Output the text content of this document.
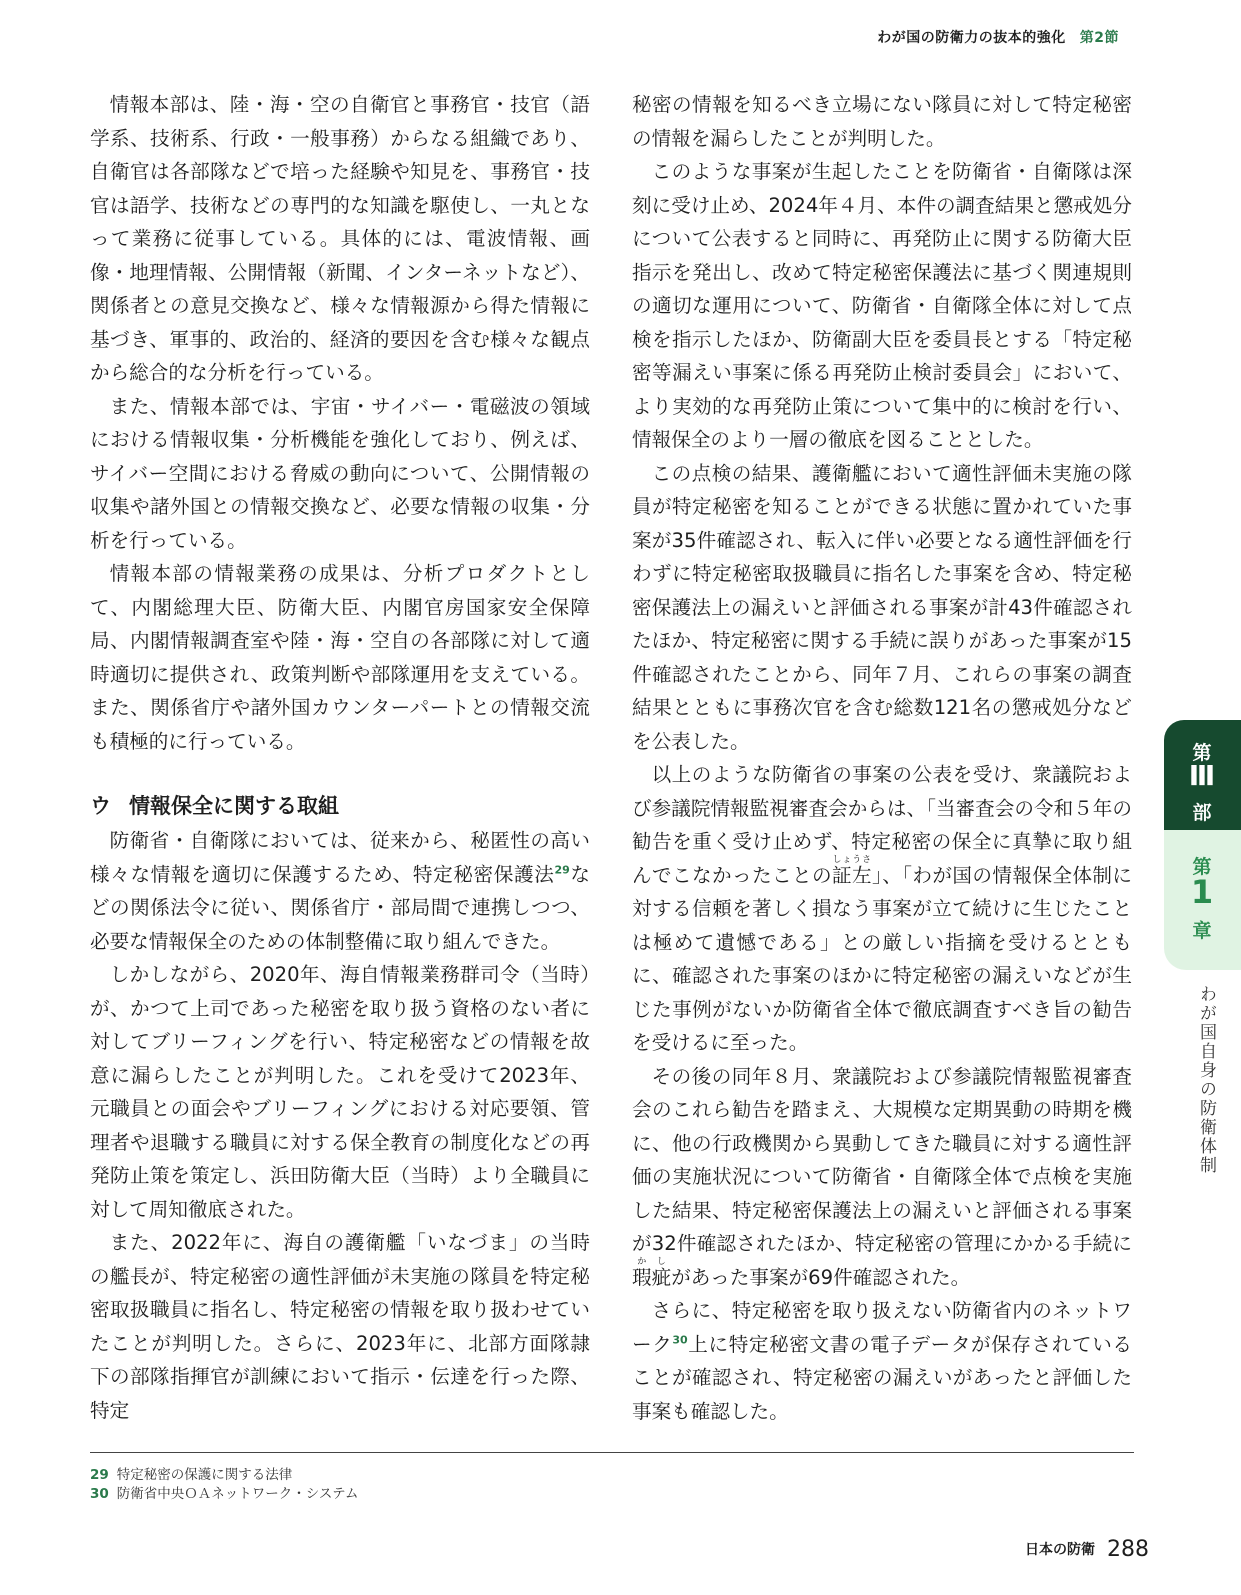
わが国の防衛力の抜本的強化 第2節

情報本部は、陸・海・空の自衛官と事務官・技官（語学系、技術系、行政・一般事務）からなる組織であり、自衛官は各部隊などで培った経験や知見を、事務官・技官は語学、技術などの専門的な知識を駆使し、一丸となって業務に従事している。具体的には、電波情報、画像・地理情報、公開情報（新聞、インターネットなど）、関係者との意見交換など、様々な情報源から得た情報に基づき、軍事的、政治的、経済的要因を含む様々な観点から総合的な分析を行っている。

また、情報本部では、宇宙・サイバー・電磁波の領域における情報収集・分析機能を強化しており、例えば、サイバー空間における脅威の動向について、公開情報の収集や諸外国との情報交換など、必要な情報の収集・分析を行っている。

情報本部の情報業務の成果は、分析プロダクトとして、内閣総理大臣、防衛大臣、内閣官房国家安全保障局、内閣情報調査室や陸・海・空自の各部隊に対して適時適切に提供され、政策判断や部隊運用を支えている。また、関係省庁や諸外国カウンターパートとの情報交流も積極的に行っている。

ウ 情報保全に関する取組

防衛省・自衛隊においては、従来から、秘匿性の高い様々な情報を適切に保護するため、特定秘密保護法$^{29}$などの関係法令に従い、関係省庁・部局間で連携しつつ、必要な情報保全のための体制整備に取り組んできた。

しかしながら、2020年、海自情報業務群司令（当時）が、かつて上司であった秘密を取り扱う資格のない者に対してブリーフィングを行い、特定秘密などの情報を故意に漏らしたことが判明した。これを受けて2023年、元職員との面会やブリーフィングにおける対応要領、管理者や退職する職員に対する保全教育の制度化などの再発防止策を策定し、浜田防衛大臣（当時）より全職員に対して周知徹底された。

また、2022年に、海自の護衛艦「いなづま」の当時の艦長が、特定秘密の適性評価が未実施の隊員を特定秘密取扱職員に指名し、特定秘密の情報を取り扱わせていたことが判明した。さらに、2023年に、北部方面隊隷下の部隊指揮官が訓練において指示・伝達を行った際、特定

秘密の情報を知るべき立場にない隊員に対して特定秘密の情報を漏らしたことが判明した。

このような事案が生起したことを防衛省・自衛隊は深刻に受け止め、2024年４月、本件の調査結果と懲戒処分について公表すると同時に、再発防止に関する防衛大臣指示を発出し、改めて特定秘密保護法に基づく関連規則の適切な運用について、防衛省・自衛隊全体に対して点検を指示したほか、防衛副大臣を委員長とする「特定秘密等漏えい事案に係る再発防止検討委員会」において、より実効的な再発防止策について集中的に検討を行い、情報保全のより一層の徹底を図ることとした。

この点検の結果、護衛艦において適性評価未実施の隊員が特定秘密を知ることができる状態に置かれていた事案が35件確認され、転入に伴い必要となる適性評価を行わずに特定秘密取扱職員に指名した事案を含め、特定秘密保護法上の漏えいと評価される事案が計43件確認されたほか、特定秘密に関する手続に誤りがあった事案が15件確認されたことから、同年７月、これらの事案の調査結果とともに事務次官を含む総数121名の懲戒処分などを公表した。

以上のような防衛省の事案の公表を受け、衆議院および参議院情報監視審査会からは、「当審査会の令和５年の勧告を重く受け止めず、特定秘密の保全に真摯に取り組んでこなかったことの証左しょうさ」、「わが国の情報保全体制に対する信頼を著しく損なう事案が立て続けに生じたことは極めて遺憾である」との厳しい指摘を受けるとともに、確認された事案のほかに特定秘密の漏えいなどが生じた事例がないか防衛省全体で徹底調査すべき旨の勧告を受けるに至った。

その後の同年８月、衆議院および参議院情報監視審査会のこれら勧告を踏まえ、大規模な定期異動の時期を機に、他の行政機関から異動してきた職員に対する適性評価の実施状況について防衛省・自衛隊全体で点検を実施した結果、特定秘密保護法上の漏えいと評価される事案が32件確認されたほか、特定秘密の管理にかかる手続に瑕疵かしがあった事案が69件確認された。

さらに、特定秘密を取り扱えない防衛省内のネットワーク$^{30}$上に特定秘密文書の電子データが保存されていることが確認され、特定秘密の漏えいがあったと評価した事案も確認した。

29 特定秘密の保護に関する法律
30 防衛省中央ＯＡネットワーク・システム
第
Ⅲ
部
第
1
章
わが国自身の防衛体制
日本の防衛 288
